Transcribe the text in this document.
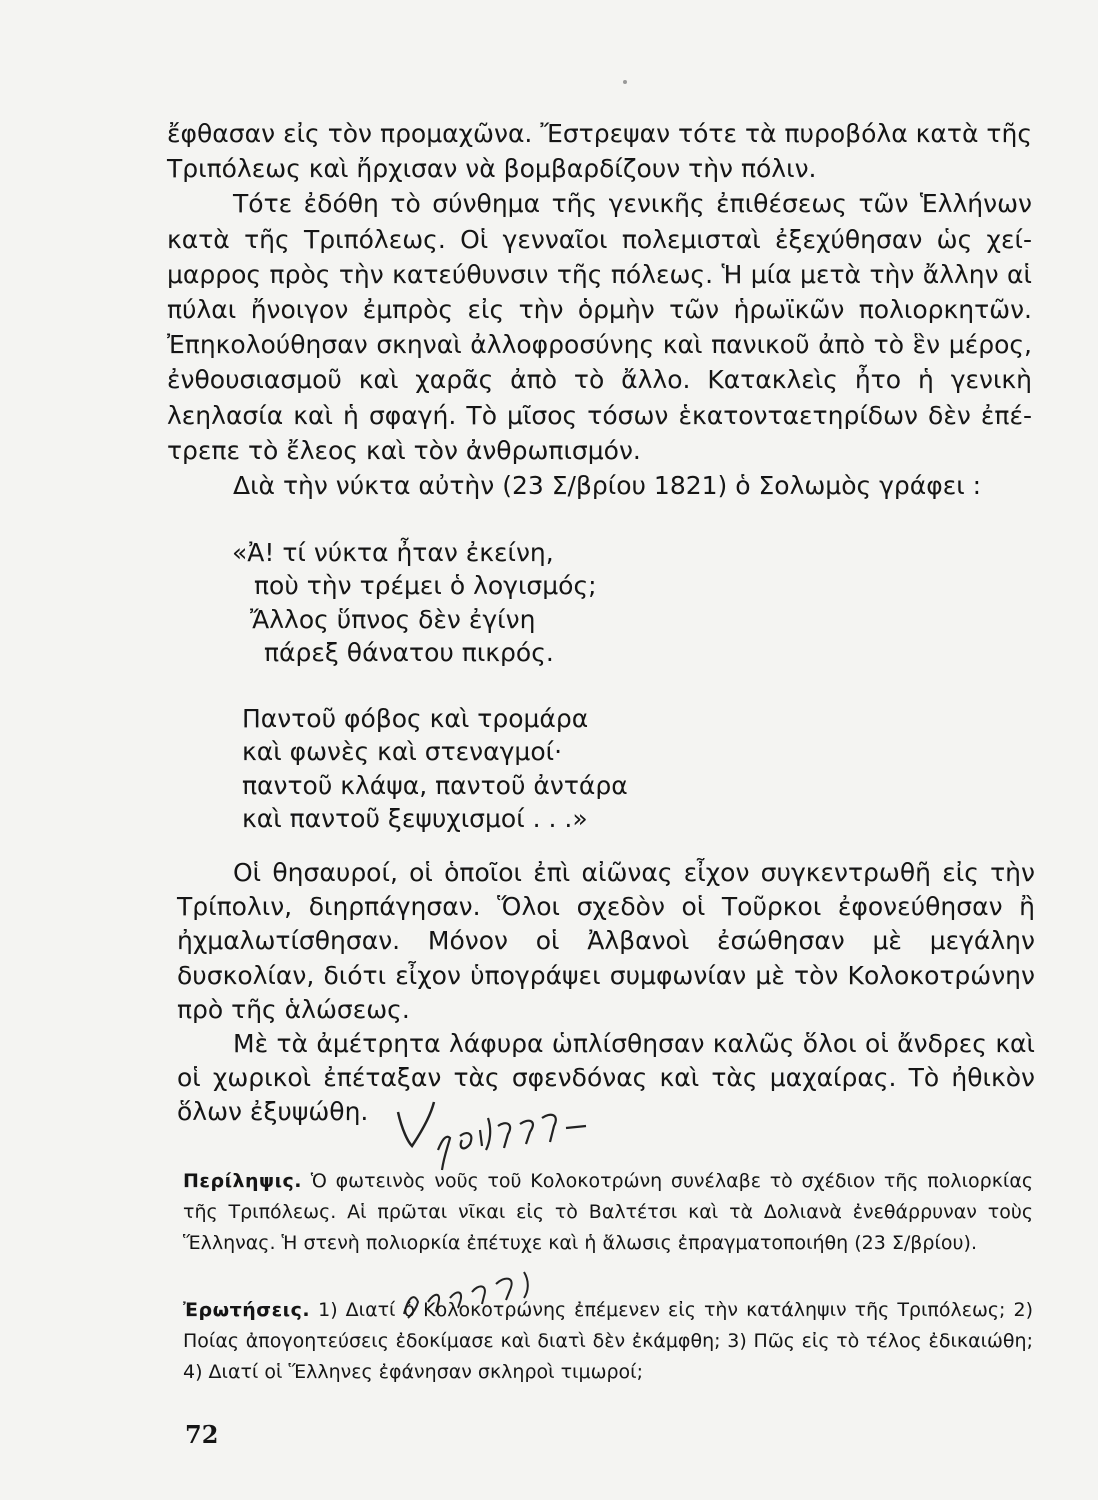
ἔφθασαν εἰς τὸν προμαχῶνα. Ἔστρεψαν τότε τὰ πυροβόλα κατὰ τῆς Τριπόλεως καὶ ἤρχισαν νὰ βομβαρδίζουν τὴν πόλιν.

Τότε ἐδόθη τὸ σύνθημα τῆς γενικῆς ἐπιθέσεως τῶν Ἑλλήνων κατὰ τῆς Τριπόλεως. Οἱ γενναῖοι πολεμισταὶ ἐξεχύθησαν ὡς χεί- μαρρος πρὸς τὴν κατεύθυνσιν τῆς πόλεως. Ἡ μία μετὰ τὴν ἄλλην αἱ πύλαι ἤνοιγον ἐμπρὸς εἰς τὴν ὁρμὴν τῶν ἡρωϊκῶν πολιορκητῶν. Ἐπηκολούθησαν σκηναὶ ἀλλοφροσύνης καὶ πανικοῦ ἀπὸ τὸ ἓν μέρος, ἐνθουσιασμοῦ καὶ χαρᾶς ἀπὸ τὸ ἄλλο. Κατακλεὶς ἦτο ἡ γενικὴ λεηλασία καὶ ἡ σφαγή. Τὸ μῖσος τόσων ἑκατονταετηρίδων δὲν ἐπέ- τρεπε τὸ ἔλεος καὶ τὸν ἀνθρωπισμόν.

Διὰ τὴν νύκτα αὐτὴν (23 Σ/βρίου 1821) ὁ Σολωμὸς γράφει :

«Ἀ! τί νύκτα ἦταν ἐκείνη,
ποὺ τὴν τρέμει ὁ λογισμός;
Ἄλλος ὕπνος δὲν ἐγίνη
πάρεξ θάνατου πικρός.
Παντοῦ φόβος καὶ τρομάρα
καὶ φωνὲς καὶ στεναγμοί·
παντοῦ κλάψα, παντοῦ ἀντάρα
καὶ παντοῦ ξεψυχισμοί . . .»

Οἱ θησαυροί, οἱ ὁποῖοι ἐπὶ αἰῶνας εἶχον συγκεντρωθῆ εἰς τὴν Τρίπολιν, διηρπάγησαν. Ὅλοι σχεδὸν οἱ Τοῦρκοι ἐφονεύθησαν ἢ ἠχμαλωτίσθησαν. Μόνον οἱ Ἀλβανοὶ ἐσώθησαν μὲ μεγάλην δυσκολίαν, διότι εἶχον ὑπογράψει συμφωνίαν μὲ τὸν Κολοκοτρώνην πρὸ τῆς ἁλώσεως.

Μὲ τὰ ἀμέτρητα λάφυρα ὡπλίσθησαν καλῶς ὅλοι οἱ ἄνδρες καὶ οἱ χωρικοὶ ἐπέταξαν τὰς σφενδόνας καὶ τὰς μαχαίρας. Τὸ ἠθικὸν ὅλων ἐξυψώθη.

Περίληψις. Ὁ φωτεινὸς νοῦς τοῦ Κολοκοτρώνη συνέλαβε τὸ σχέδιον τῆς πολιορκίας τῆς Τριπόλεως. Αἱ πρῶται νῖκαι εἰς τὸ Βαλτέτσι καὶ τὰ Δολιανὰ ἐνεθάρρυναν τοὺς Ἕλληνας. Ἡ στενὴ πολιορκία ἐπέτυχε καὶ ἡ ἅλωσις ἐπραγματοποιήθη (23 Σ/βρίου).

Ἐρωτήσεις. 1) Διατί ὁ Κολοκοτρώνης ἐπέμενεν εἰς τὴν κατάληψιν τῆς Τριπόλεως; 2) Ποίας ἀπογοητεύσεις ἐδοκίμασε καὶ διατὶ δὲν ἐκάμφθη; 3) Πῶς εἰς τὸ τέλος ἐδικαιώθη; 4) Διατί οἱ Ἕλληνες ἐφάνησαν σκληροὶ τιμωροί;

72
